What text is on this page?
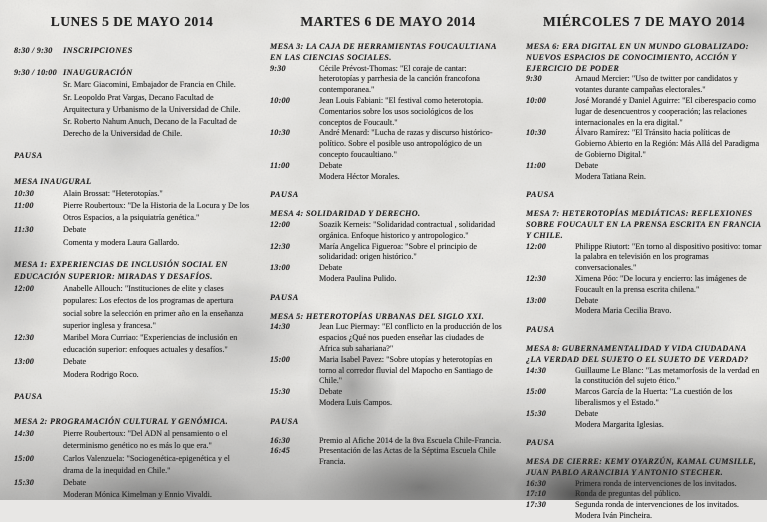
LUNES 5 DE MAYO 2014
8:30 / 9:30	INSCRIPCIONES
9:30 / 10:00 INAUGURACIÓN
Sr. Marc Giacomini, Embajador de Francia en Chile.
Sr. Leopoldo Prat Vargas, Decano Facultad de Arquitectura y Urbanismo de la Universidad de Chile.
Sr. Roberto Nahum Anuch, Decano de la Facultad de Derecho de la Universidad de Chile.
PAUSA
MESA INAUGURAL
10:30	Alain Brossat: "Heterotopías."
11:00	Pierre Roubertoux: "De la Historia de la Locura y De los Otros Espacios, a la psiquiatría genética."
11:30	Debate
Comenta y modera Laura Gallardo.
MESA 1: EXPERIENCIAS DE INCLUSIÓN SOCIAL EN EDUCACIÓN SUPERIOR: MIRADAS Y DESAFÍOS.
12:00	Anabelle Allouch: "Instituciones de elite y clases populares: Los efectos de los programas de apertura social sobre la selección en primer año en la enseñanza superior inglesa y francesa."
12:30	Maribel Mora Curriao: "Experiencias de inclusión en educación superior: enfoques actuales y desafíos."
13:00	Debate
Modera Rodrigo Roco.
PAUSA
MESA 2: PROGRAMACIÓN CULTURAL Y GENÓMICA.
14:30	Pierre Roubertoux: "Del ADN al pensamiento o el determinismo genético no es más lo que era."
15:00	Carlos Valenzuela: "Sociogenética-epigenética y el drama de la inequidad en Chile."
15:30	Debate
Moderan Mónica Kimelman y Ennio Vivaldi.
MARTES 6 DE MAYO 2014
MESA 3: LA CAJA DE HERRAMIENTAS FOUCAULTIANA EN LAS CIENCIAS SOCIALES.
9:30	Cécile Prévost-Thomas: "El coraje de cantar: heterotopías y parrhesia de la canción francofona contemporanea."
10:00	Jean Louis Fabiani: "El festival como heterotopia. Comentarios sobre los usos sociológicos de los conceptos de Foucault."
10:30	André Menard: "Lucha de razas y discurso histórico-político. Sobre el posible uso antropológico de un concepto foucaultiano."
11:00	Debate
Modera Héctor Morales.
PAUSA
MESA 4: SOLIDARIDAD Y DERECHO.
12:00	Soazik Kerneis: "Solidaridad contractual , solidaridad orgánica. Enfoque historico y antropologico."
12:30	María Angelica Figueroa: "Sobre el principio de solidaridad: origen histórico."
13:00	Debate
Modera Paulina Pulido.
PAUSA
MESA 5: HETEROTOPÍAS URBANAS DEL SIGLO XXI.
14:30	Jean Luc Piermay: "El conflicto en la producción de los espacios ¿Qué nos pueden enseñar las ciudades de Africa sub sahariana?"
15:00	Maria Isabel Pavez: "Sobre utopías y heterotopías en torno al corredor fluvial del Mapocho en Santiago de Chile."
15:30	Debate
Modera Luis Campos.
PAUSA
16:30	Premio al Afiche 2014 de la 8va Escuela Chile-Francia.
16:45	Presentación de las Actas de la Séptima Escuela Chile Francia.
MIÉRCOLES 7 DE MAYO 2014
MESA 6: ERA DIGITAL EN UN MUNDO GLOBALIZADO: NUEVOS ESPACIOS DE CONOCIMIENTO, ACCIÓN Y EJERCICIO DE PODER
9:30	Arnaud Mercier: "Uso de twitter por candidatos y votantes durante campañas electorales."
10:00	José Morandé y Daniel Aguirre: "El ciberespacio como lugar de desencuentros y cooperación; las relaciones internacionales en la era digital."
10:30	Álvaro Ramírez: "El Tránsito hacia políticas de Gobierno Abierto en la Región: Más Allá del Paradigma de Gobierno Digital."
11:00	Debate
Modera Tatiana Rein.
PAUSA
MESA 7: HETEROTOPÍAS MEDIÁTICAS: REFLEXIONES SOBRE FOUCAULT EN LA PRENSA ESCRITA EN FRANCIA Y CHILE.
12:00	Philippe Riutort: "En torno al dispositivo positivo: tomar la palabra en televisión en los programas conversacionales."
12:30	Ximena Póo: "De locura y encierro: las imágenes de Foucault en la prensa escrita chilena."
13:00	Debate
Modera Maria Cecilia Bravo.
PAUSA
MESA 8: GUBERNAMENTALIDAD Y VIDA CIUDADANA ¿LA VERDAD DEL SUJETO O EL SUJETO DE VERDAD?
14:30	Guillaume Le Blanc: "Las metamorfosis de la verdad en la constitución del sujeto ético."
15:00	Marcos García de la Huerta: "La cuestión de los liberalismos y el Estado."
15:30	Debate
Modera Margarita Iglesias.
PAUSA
MESA DE CIERRE: KEMY OYARZÚN, KAMAL CUMSILLE, JUAN PABLO ARANCIBIA Y ANTONIO STECHER.
16:30	Primera ronda de intervenciones de los invitados.
17:10	Ronda de preguntas del público.
17:30	Segunda ronda de intervenciones de los invitados.
Modera Iván Pincheira.
